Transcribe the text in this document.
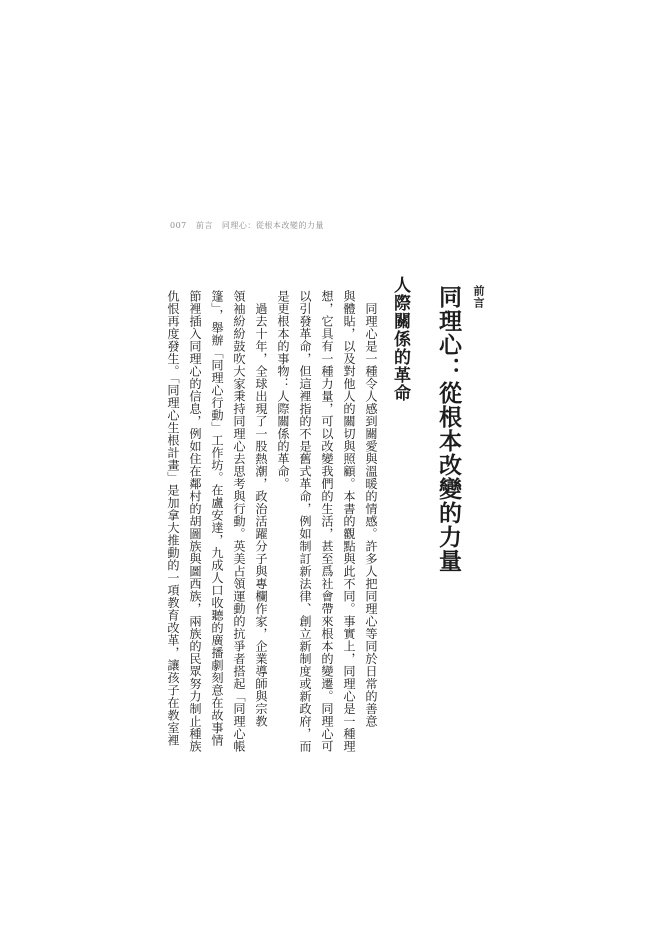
007 前言 同理心：從根本改變的力量
前言
同理心：從根本改變的力量
人際關係的革命
　同理心是一種令人感到關愛與溫暖的情感。許多人把同理心等同於日常的善意
與體貼，以及對他人的關切與照顧。本書的觀點與此不同。事實上，同理心是一種理
想，它具有一種力量，可以改變我們的生活，甚至爲社會帶來根本的變遷。同理心可
以引發革命，但這裡指的不是舊式革命，例如制訂新法律、創立新制度或新政府，而
是更根本的事物：人際關係的革命。
　過去十年，全球出現了一股熱潮，政治活躍分子與專欄作家，企業導師與宗教
領袖紛紛鼓吹大家秉持同理心去思考與行動。英美占領運動的抗爭者搭起「同理心帳
篷」，舉辦「同理心行動」工作坊。在盧安達，九成人口收聽的廣播劇刻意在故事情
節裡插入同理心的信息，例如住在鄰村的胡圖族與圖西族，兩族的民眾努力制止種族
仇恨再度發生。「同理心生根計畫」是加拿大推動的一項教育改革，讓孩子在教室裡
